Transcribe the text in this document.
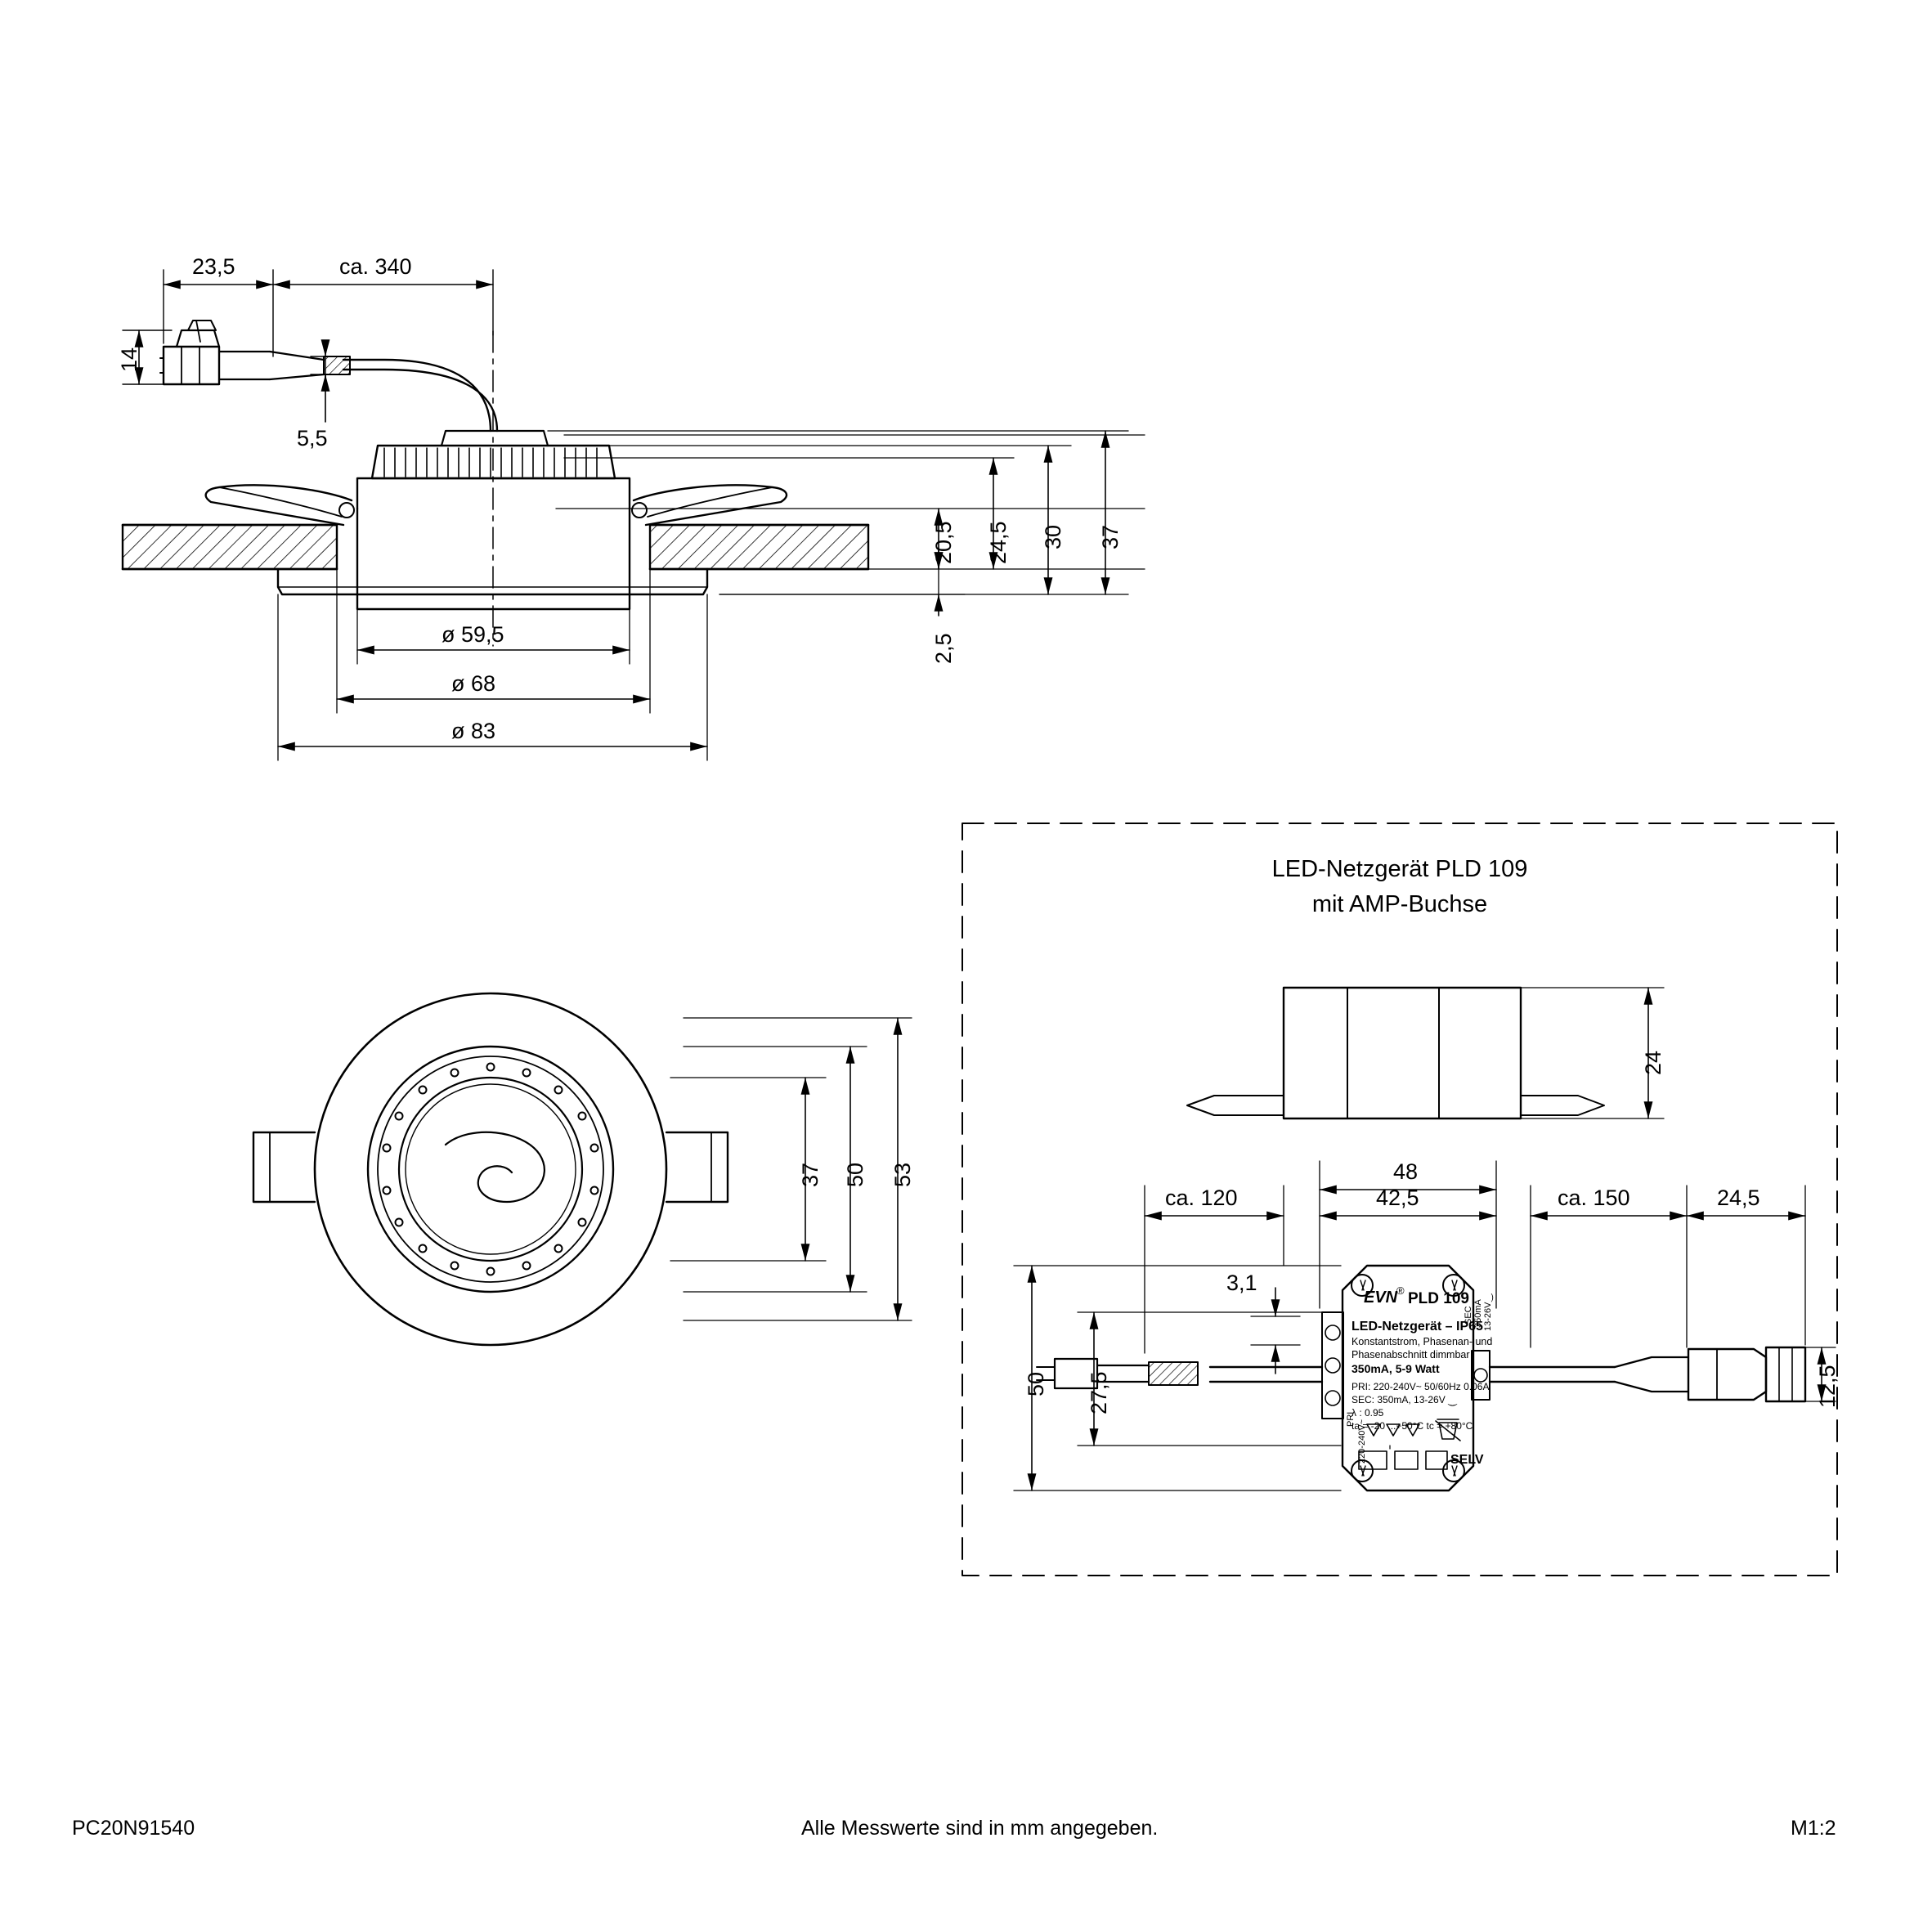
23,5	ca. 340
14
5,5
20,5 24,5 30 37
2,5
ø 59,5
ø 68
ø 83
37 50 53
LED-Netzgerät PLD 109
mit AMP-Buchse
24
ca. 120
48
42,5	ca. 150	24,5
3,1
50 27,5	12,5
EVN
® PLD 109
LED-Netzgerät – IP65
Konstantstrom, Phasenan- und
Phasenabschnitt dimmbar
350mA, 5-9 Watt
PRI: 220-240V~ 50/60Hz 0.06A
SEC: 350mA, 13-26V ⏝
λ : 0.95
ta = -20 ...+50°C tc = +80°C
PRI
220-240V~
SEC 350mA 13-26V⏝
SELV
PC20N91540	Alle Messwerte sind in mm angegeben.	M1:2
